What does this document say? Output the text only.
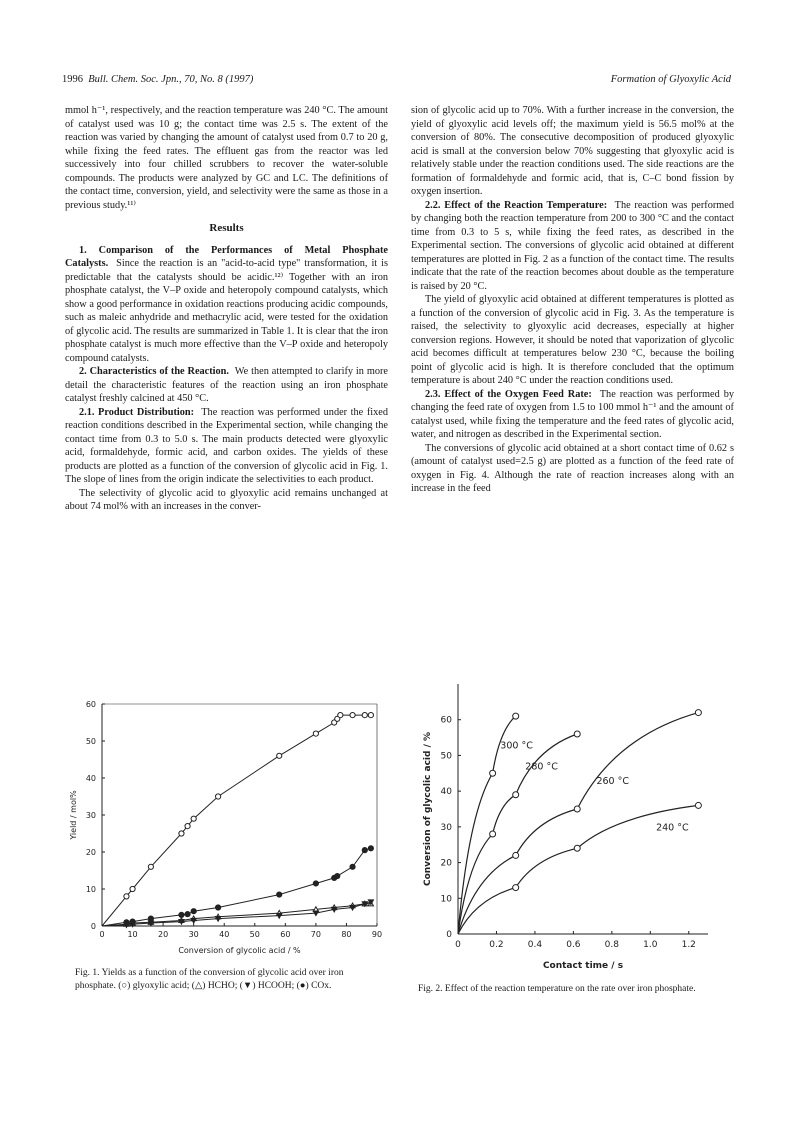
1996 Bull. Chem. Soc. Jpn., 70, No. 8 (1997)	Formation of Glyoxylic Acid

mmol h⁻¹, respectively, and the reaction temperature was 240 °C. The amount of catalyst used was 10 g; the contact time was 2.5 s. The extent of the reaction was varied by changing the amount of catalyst used from 0.7 to 20 g, while fixing the feed rates. The effluent gas from the reactor was led successively into four chilled scrubbers to recover the water-soluble compounds. The products were analyzed by GC and LC. The definitions of the contact time, conversion, yield, and selectivity were the same as those in a previous study.¹¹⁾

Results

1. Comparison of the Performances of Metal Phosphate Catalysts. Since the reaction is an "acid-to-acid type" transformation, it is predictable that the catalysts should be acidic.¹²⁾ Together with an iron phosphate catalyst, the V–P oxide and heteropoly compound catalysts, which show a good performance in oxidation reactions producing acidic compounds, such as maleic anhydride and methacrylic acid, were tested for the oxidation of glycolic acid. The results are summarized in Table 1. It is clear that the iron phosphate catalyst is much more effective than the V–P oxide and heteropoly compound catalysts.

2. Characteristics of the Reaction. We then attempted to clarify in more detail the characteristic features of the reaction using an iron phosphate catalyst freshly calcined at 450 °C.

2.1. Product Distribution: The reaction was performed under the fixed reaction conditions described in the Experimental section, while changing the contact time from 0.3 to 5.0 s. The main products detected were glyoxylic acid, formaldehyde, formic acid, and carbon oxides. The yields of these products are plotted as a function of the conversion of glycolic acid in Fig. 1. The slope of lines from the origin indicate the selectivities to each product.

The selectivity of glycolic acid to glyoxylic acid remains unchanged at about 74 mol% with an increases in the conver-

sion of glycolic acid up to 70%. With a further increase in the conversion, the yield of glyoxylic acid levels off; the maximum yield is 56.5 mol% at the conversion of 80%. The consecutive decomposition of produced glyoxylic acid is small at the conversion below 70% suggesting that glyoxylic acid is relatively stable under the reaction conditions used. The side reactions are the formation of formaldehyde and formic acid, that is, C–C bond fission by oxygen insertion.

2.2. Effect of the Reaction Temperature: The reaction was performed by changing both the reaction temperature from 200 to 300 °C and the contact time from 0.3 to 5 s, while fixing the feed rates, as described in the Experimental section. The conversions of glycolic acid obtained at different temperatures are plotted in Fig. 2 as a function of the contact time. The results indicate that the rate of the reaction becomes about double as the temperature is raised by 20 °C.

The yield of glyoxylic acid obtained at different temperatures is plotted as a function of the conversion of glycolic acid in Fig. 3. As the temperature is raised, the selectivity to glyoxylic acid decreases, especially at higher conversion regions. However, it should be noted that vaporization of glycolic acid becomes difficult at temperatures below 230 °C, because the boiling point of glycolic acid is high. It is therefore concluded that the optimum temperature is about 240 °C under the reaction conditions used.

2.3. Effect of the Oxygen Feed Rate: The reaction was performed by changing the feed rate of oxygen from 1.5 to 100 mmol h⁻¹ and the amount of catalyst used, while fixing the temperature and the feed rates of glycolic acid, water, and nitrogen as described in the Experimental section.

The conversions of glycolic acid obtained at a short contact time of 0.62 s (amount of catalyst used=2.5 g) are plotted as a function of the feed rate of oxygen in Fig. 4. Although the rate of reaction increases along with an increase in the feed

0	10	20	30	40	50	60	70	80	90
0
10
20
30
40
50
60
Conversion of glycolic acid / %
Yield / mol%
Fig. 1. Yields as a function of the conversion of glycolic acid over iron phosphate. (○) glyoxylic acid; (△) HCHO; (▼) HCOOH; (●) COx.
0	0.2	0.4	0.6	0.8	1.0	1.2
0
10
20
30
40
50
60
Contact time / s
Conversion of glycolic acid / %	300 °C
280 °C
260 °C
240 °C
Fig. 2. Effect of the reaction temperature on the rate over iron phosphate.
